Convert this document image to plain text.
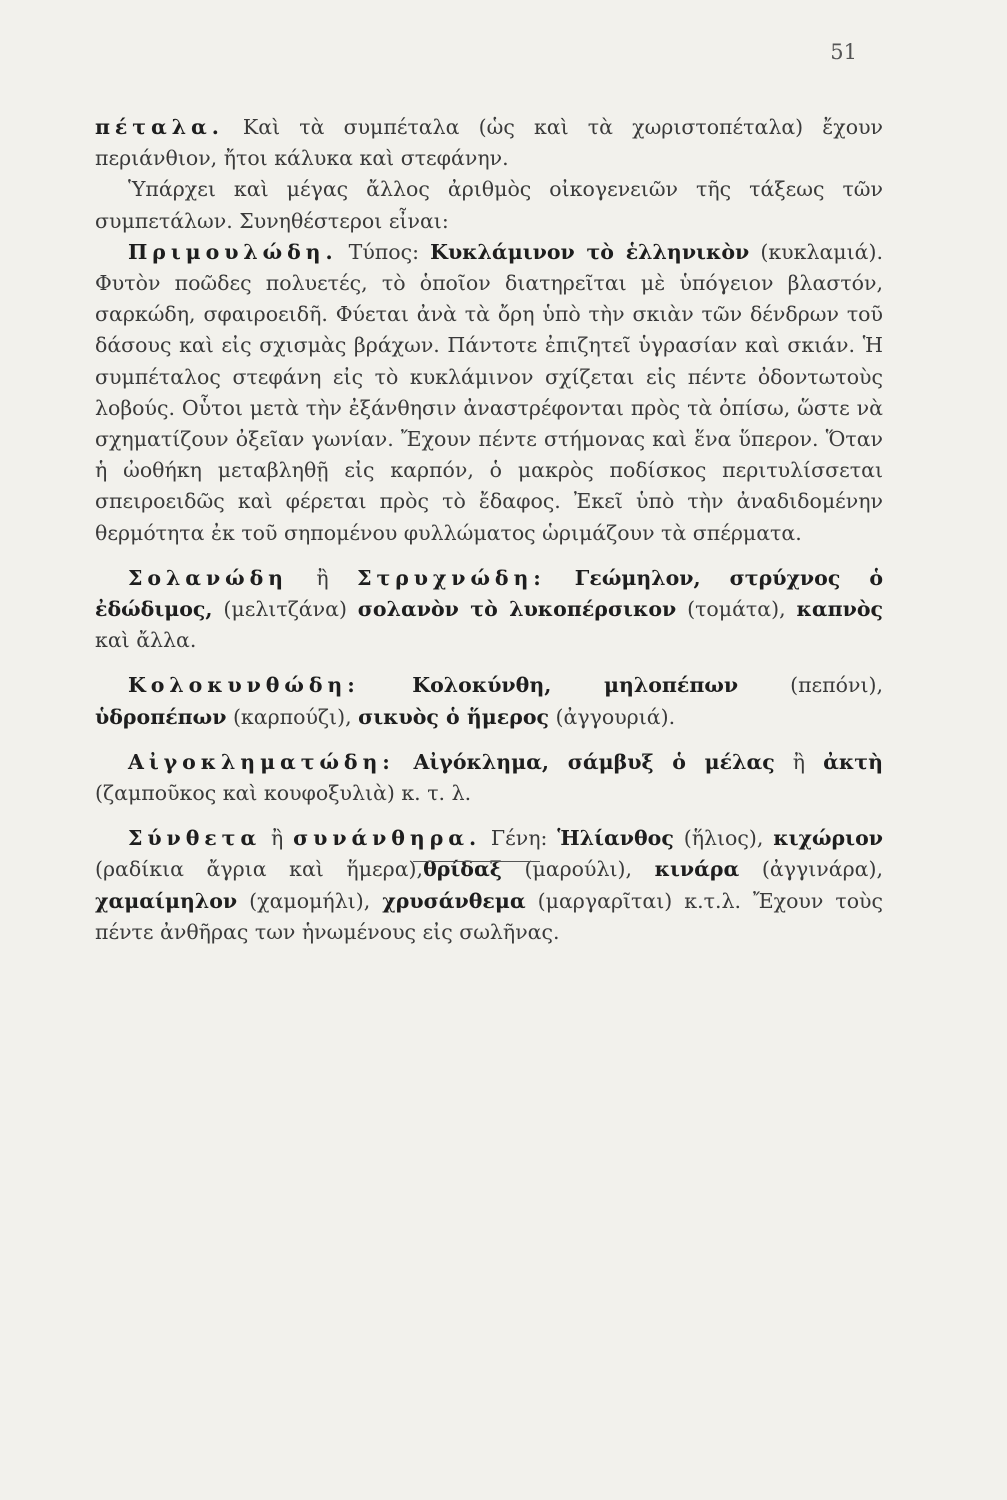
51

πέταλα. Καὶ τὰ συμπέταλα (ὡς καὶ τὰ χωριστοπέταλα) ἔχουν περιάνθιον, ἤτοι κάλυκα καὶ στεφάνην.

Ὑπάρχει καὶ μέγας ἄλλος ἀριθμὸς οἰκογενειῶν τῆς τάξεως τῶν συμπετάλων. Συνηθέστεροι εἶναι:

Πριμουλώδη. Τύπος: Κυκλάμινον τὸ ἑλληνικὸν (κυκλαμιά). Φυτὸν ποῶδες πολυετές, τὸ ὁποῖον διατηρεῖται μὲ ὑπόγειον βλαστόν, σαρκώδη, σφαιροειδῆ. Φύεται ἀνὰ τὰ ὄρη ὑπὸ τὴν σκιὰν τῶν δένδρων τοῦ δάσους καὶ εἰς σχισμὰς βράχων. Πάντοτε ἐπιζητεῖ ὑγρασίαν καὶ σκιάν. Ἡ συμπέταλος στεφάνη εἰς τὸ κυκλάμινον σχίζεται εἰς πέντε ὀδοντωτοὺς λοβούς. Οὗτοι μετὰ τὴν ἐξάνθησιν ἀναστρέφονται πρὸς τὰ ὀπίσω, ὥστε νὰ σχηματίζουν ὀξεῖαν γωνίαν. Ἔχουν πέντε στήμονας καὶ ἕνα ὕπερον. Ὅταν ἡ ὠοθήκη μεταβληθῇ εἰς καρπόν, ὁ μακρὸς ποδίσκος περιτυλίσσεται σπειροειδῶς καὶ φέρεται πρὸς τὸ ἔδαφος. Ἐκεῖ ὑπὸ τὴν ἀναδιδομένην θερμότητα ἐκ τοῦ σηπομένου φυλλώματος ὡριμάζουν τὰ σπέρματα.

Σολανώδη ἢ Στρυχνώδη: Γεώμηλον, στρύχνος ὁ ἐδώδιμος, (μελιτζάνα) σολανὸν τὸ λυκοπέρσικον (τομάτα), καπνὸς καὶ ἄλλα.

Κολοκυνθώδη: Κολοκύνθη, μηλοπέπων (πεπόνι), ὑδροπέπων (καρπούζι), σικυὸς ὁ ἥμερος (ἀγγουριά).

Αἰγοκληματώδη: Αἰγόκλημα, σάμβυξ ὁ μέλας ἢ ἀκτὴ (ζαμποῦκος καὶ κουφοξυλιὰ) κ. τ. λ.

Σύνθετα ἢ συνάνθηρα. Γένη: Ἡλίανθος (ἥλιος), κιχώριον (ραδίκια ἄγρια καὶ ἥμερα),θρίδαξ (μαρούλι), κινάρα (ἀγγινάρα), χαμαίμηλον (χαμομήλι), χρυσάνθεμα (μαργαρῖται) κ.τ.λ. Ἔχουν τοὺς πέντε ἀνθῆρας των ἡνωμένους εἰς σωλῆνας.
